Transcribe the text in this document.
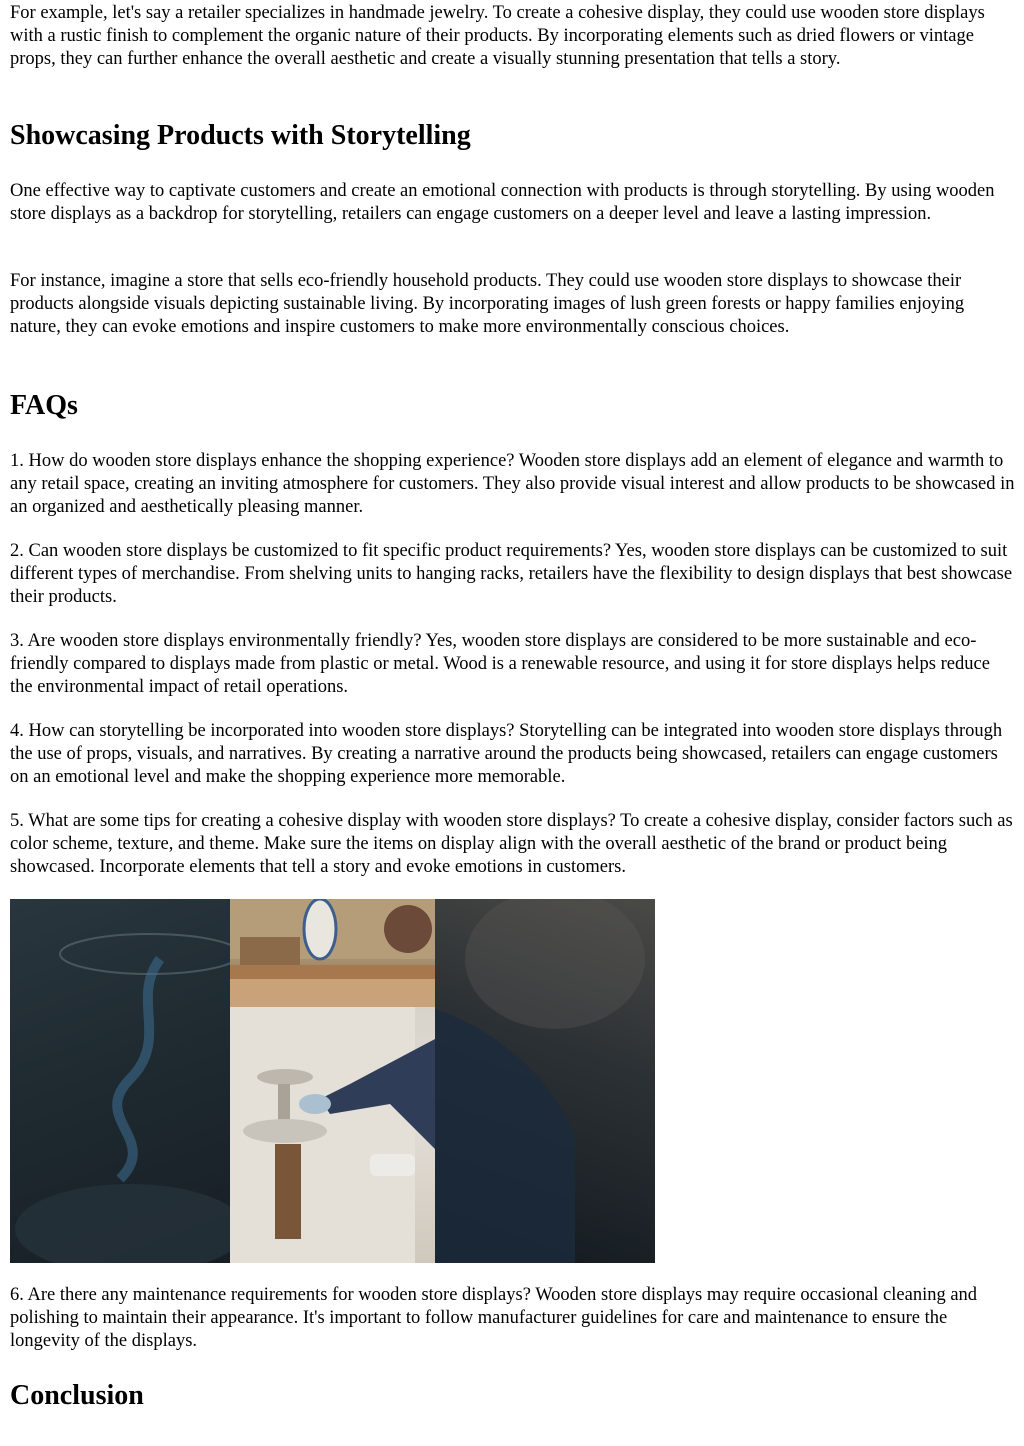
For example, let's say a retailer specializes in handmade jewelry. To create a cohesive display, they could use wooden store displays with a rustic finish to complement the organic nature of their products. By incorporating elements such as dried flowers or vintage props, they can further enhance the overall aesthetic and create a visually stunning presentation that tells a story.

Showcasing Products with Storytelling

One effective way to captivate customers and create an emotional connection with products is through storytelling. By using wooden store displays as a backdrop for storytelling, retailers can engage customers on a deeper level and leave a lasting impression.

For instance, imagine a store that sells eco-friendly household products. They could use wooden store displays to showcase their products alongside visuals depicting sustainable living. By incorporating images of lush green forests or happy families enjoying nature, they can evoke emotions and inspire customers to make more environmentally conscious choices.

FAQs

1. How do wooden store displays enhance the shopping experience? Wooden store displays add an element of elegance and warmth to any retail space, creating an inviting atmosphere for customers. They also provide visual interest and allow products to be showcased in an organized and aesthetically pleasing manner.

2. Can wooden store displays be customized to fit specific product requirements? Yes, wooden store displays can be customized to suit different types of merchandise. From shelving units to hanging racks, retailers have the flexibility to design displays that best showcase their products.

3. Are wooden store displays environmentally friendly? Yes, wooden store displays are considered to be more sustainable and eco-friendly compared to displays made from plastic or metal. Wood is a renewable resource, and using it for store displays helps reduce the environmental impact of retail operations.

4. How can storytelling be incorporated into wooden store displays? Storytelling can be integrated into wooden store displays through the use of props, visuals, and narratives. By creating a narrative around the products being showcased, retailers can engage customers on an emotional level and make the shopping experience more memorable.

5. What are some tips for creating a cohesive display with wooden store displays? To create a cohesive display, consider factors such as color scheme, texture, and theme. Make sure the items on display align with the overall aesthetic of the brand or product being showcased. Incorporate elements that tell a story and evoke emotions in customers.

6. Are there any maintenance requirements for wooden store displays? Wooden store displays may require occasional cleaning and polishing to maintain their appearance. It's important to follow manufacturer guidelines for care and maintenance to ensure the longevity of the displays.

Conclusion
